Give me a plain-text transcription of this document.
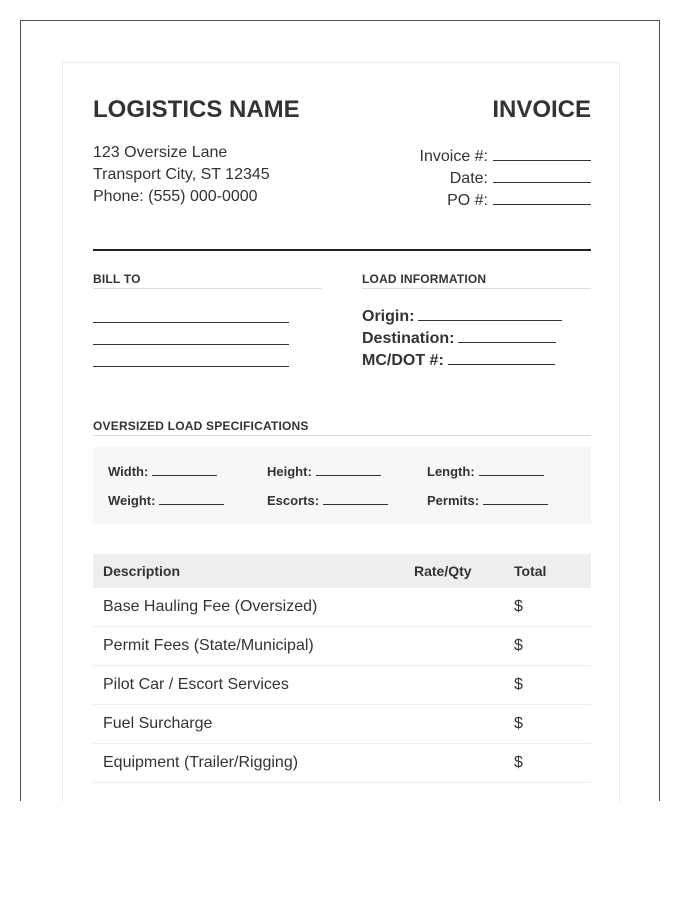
LOGISTICS NAME	INVOICE
123 Oversize Lane
Transport City, ST 12345
Phone: (555) 000-0000
Invoice #:
Date:
PO #:
BILL TO	LOAD INFORMATION
Origin:
Destination:
MC/DOT #:
OVERSIZED LOAD SPECIFICATIONS
Width:	Height:	Length:
Weight:	Escorts:	Permits:
Description	Rate/Qty	Total
Base Hauling Fee (Oversized)		$
Permit Fees (State/Municipal)		$
Pilot Car / Escort Services		$
Fuel Surcharge		$
Equipment (Trailer/Rigging)		$
